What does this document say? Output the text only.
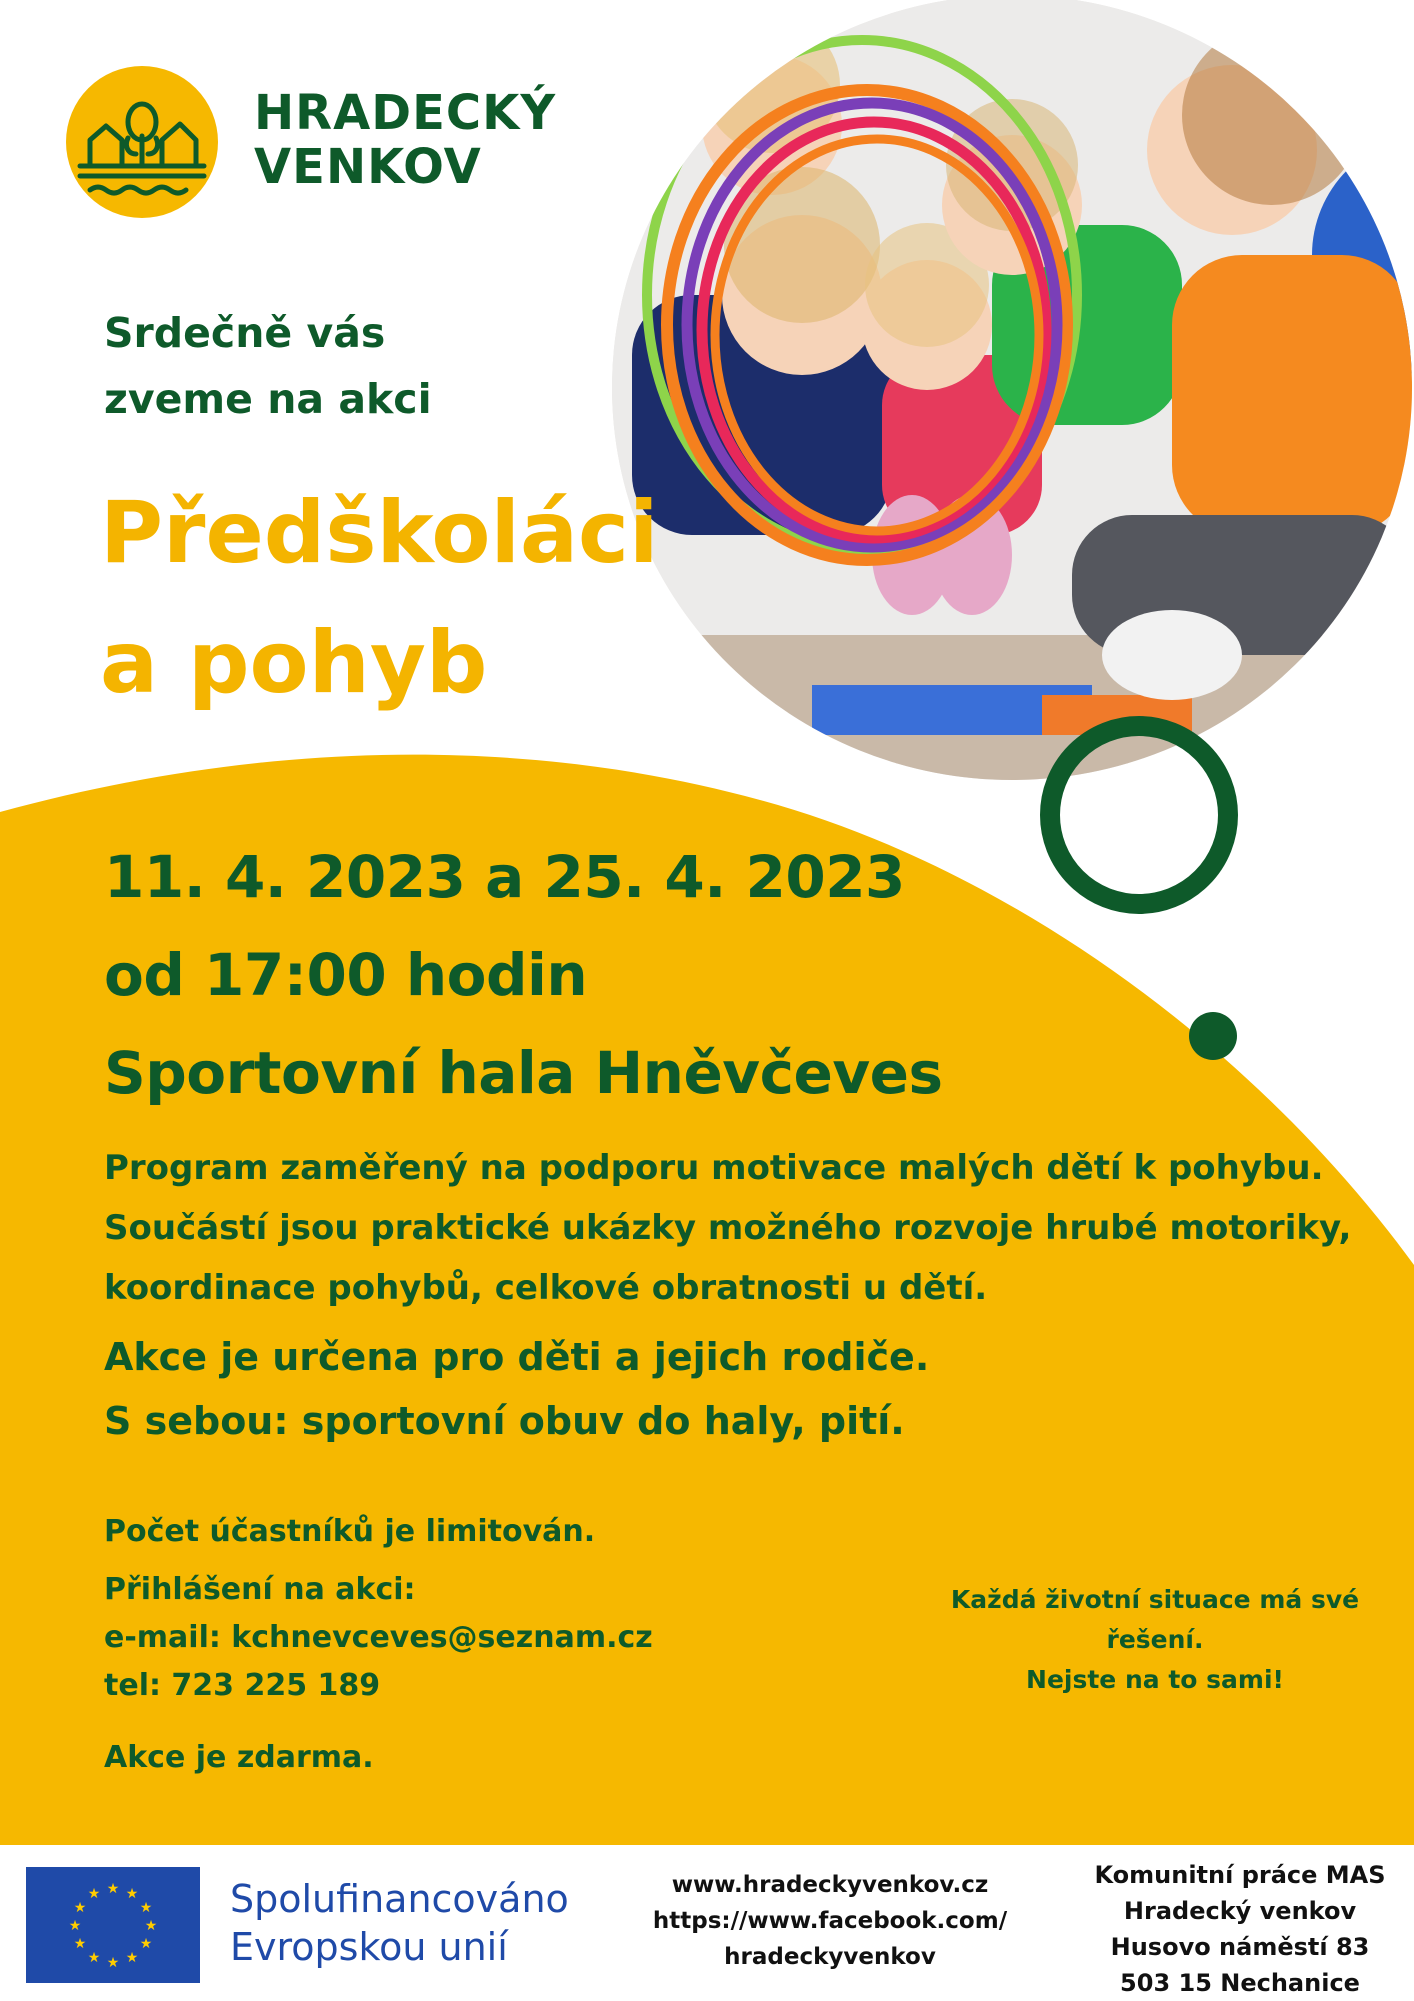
HRADECKÝ
VENKOV
Srdečně vás
zveme na akci
Předškoláci
a pohyb
11. 4. 2023 a 25. 4. 2023
od 17:00 hodin
Sportovní hala Hněvčeves
Program zaměřený na podporu motivace malých dětí k pohybu.
Součástí jsou praktické ukázky možného rozvoje hrubé motoriky,
koordinace pohybů, celkové obratnosti u dětí.
Akce je určena pro děti a jejich rodiče.
S sebou: sportovní obuv do haly, pití.
Počet účastníků je limitován.
Přihlášení na akci:
e-mail: kchnevceves@seznam.cz
tel: 723 225 189
Akce je zdarma.
Každá životní situace má své
řešení.
Nejste na to sami!
★ ★
★
★
★
★
★
★
★
★
★
★	Spolufinancováno
Evropskou unií
www.hradeckyvenkov.cz
https://www.facebook.com/
hradeckyvenkov
Komunitní práce MAS
Hradecký venkov
Husovo náměstí 83
503 15 Nechanice
